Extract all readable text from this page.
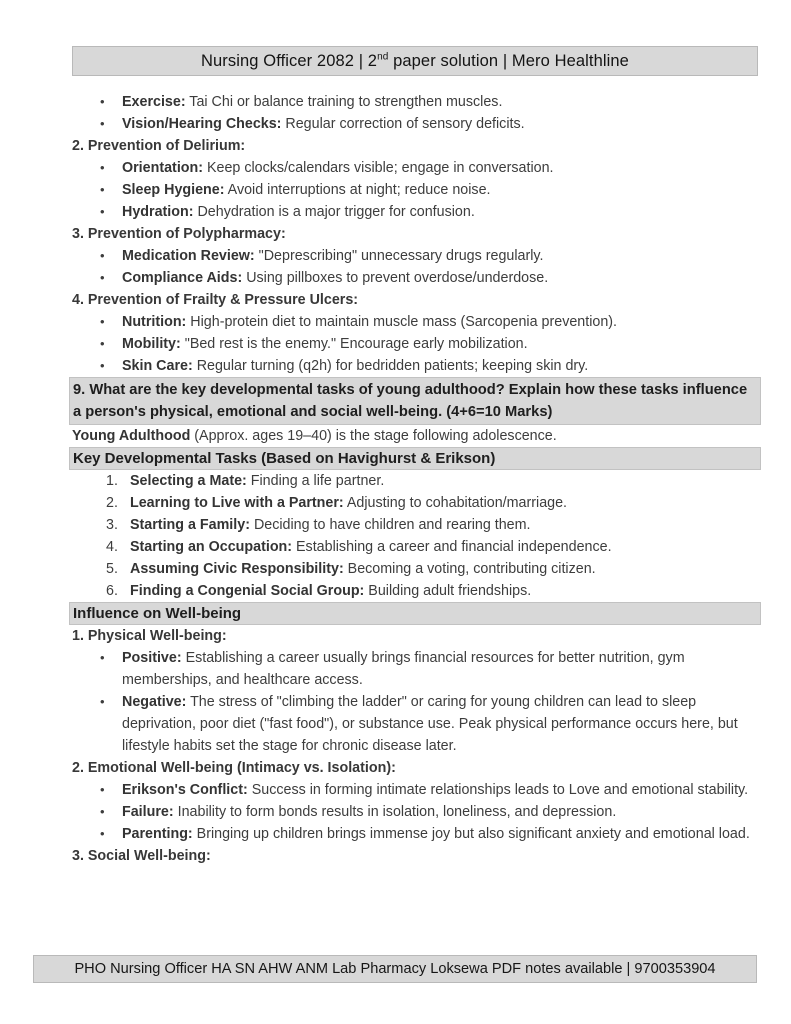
Nursing Officer 2082 | 2nd paper solution | Mero Healthline
•	Exercise: Tai Chi or balance training to strengthen muscles.
•	Vision/Hearing Checks: Regular correction of sensory deficits.
2. Prevention of Delirium:
•	Orientation: Keep clocks/calendars visible; engage in conversation.
•	Sleep Hygiene: Avoid interruptions at night; reduce noise.
•	Hydration: Dehydration is a major trigger for confusion.
3. Prevention of Polypharmacy:
•	Medication Review: "Deprescribing" unnecessary drugs regularly.
•	Compliance Aids: Using pillboxes to prevent overdose/underdose.
4. Prevention of Frailty & Pressure Ulcers:
•	Nutrition: High-protein diet to maintain muscle mass (Sarcopenia prevention).
•	Mobility: "Bed rest is the enemy." Encourage early mobilization.
•	Skin Care: Regular turning (q2h) for bedridden patients; keeping skin dry.
9. What are the key developmental tasks of young adulthood? Explain how these tasks influence a person's physical, emotional and social well-being. (4+6=10 Marks)
Young Adulthood (Approx. ages 19–40) is the stage following adolescence.
Key Developmental Tasks (Based on Havighurst & Erikson)
1. Selecting a Mate: Finding a life partner.
2. Learning to Live with a Partner: Adjusting to cohabitation/marriage.
3. Starting a Family: Deciding to have children and rearing them.
4. Starting an Occupation: Establishing a career and financial independence.
5. Assuming Civic Responsibility: Becoming a voting, contributing citizen.
6. Finding a Congenial Social Group: Building adult friendships.
Influence on Well-being
1. Physical Well-being:
•	Positive: Establishing a career usually brings financial resources for better nutrition, gym memberships, and healthcare access.
•	Negative: The stress of "climbing the ladder" or caring for young children can lead to sleep deprivation, poor diet ("fast food"), or substance use. Peak physical performance occurs here, but lifestyle habits set the stage for chronic disease later.
2. Emotional Well-being (Intimacy vs. Isolation):
•	Erikson's Conflict: Success in forming intimate relationships leads to Love and emotional stability.
•	Failure: Inability to form bonds results in isolation, loneliness, and depression.
•	Parenting: Bringing up children brings immense joy but also significant anxiety and emotional load.
3. Social Well-being:
PHO Nursing Officer HA SN AHW ANM Lab Pharmacy Loksewa PDF notes available | 9700353904
